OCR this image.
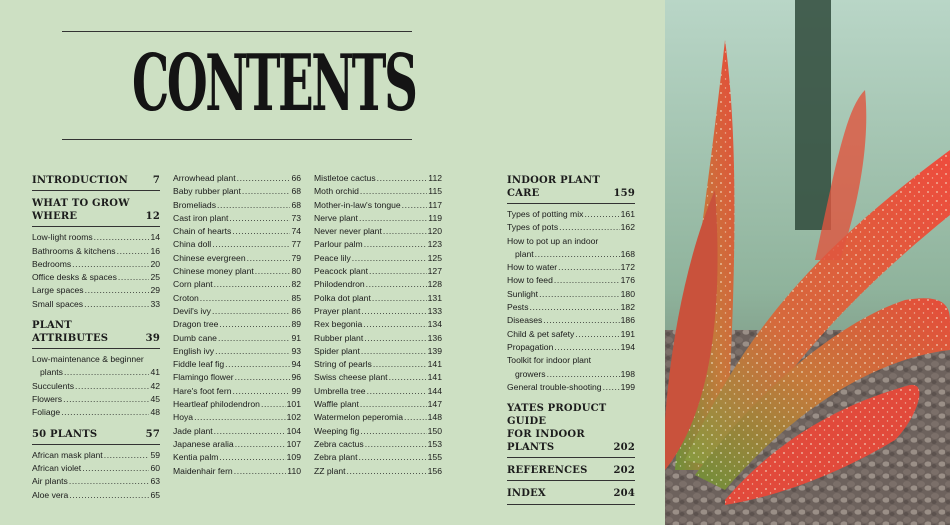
CONTENTS
INTRODUCTION 7
WHAT TO GROW WHERE	12
Low-light rooms .....	14
Bathrooms & kitchens .....	16
Bedrooms .....	20
Office desks & spaces .....	25
Large spaces .....	29
Small spaces .....	33
PLANT ATTRIBUTES	39
Low-maintenance & beginner
plants .....	41
Succulents .....	42
Flowers .....	45
Foliage .....	48
50 PLANTS	57
African mask plant .....	59
African violet .....	60
Air plants .....	63
Aloe vera .....	65
Arrowhead plant .....	66
Baby rubber plant .....	68
Bromeliads .....	68
Cast iron plant .....	73
Chain of hearts .....	74
China doll .....	77
Chinese evergreen .....	79
Chinese money plant .....	80
Corn plant .....	82
Croton .....	85
Devil's ivy .....	86
Dragon tree .....	89
Dumb cane .....	91
English ivy .....	93
Fiddle leaf fig .....	94
Flamingo flower .....	96
Hare's foot fern .....	99
Heartleaf philodendron .....	101
Hoya .....	102
Jade plant .....	104
Japanese aralia .....	107
Kentia palm .....	109
Maidenhair fern .....	110
Mistletoe cactus .....	112
Moth orchid .....	115
Mother-in-law's tongue .....	117
Nerve plant .....	119
Never never plant .....	120
Parlour palm .....	123
Peace lily .....	125
Peacock plant .....	127
Philodendron .....	128
Polka dot plant .....	131
Prayer plant .....	133
Rex begonia .....	134
Rubber plant .....	136
Spider plant .....	139
String of pearls .....	141
Swiss cheese plant .....	141
Umbrella tree .....	144
Waffle plant .....	147
Watermelon peperomia .....	148
Weeping fig .....	150
Zebra cactus .....	153
Zebra plant .....	155
ZZ plant .....	156
INDOOR PLANT CARE	159
Types of potting mix .....	161
Types of pots .....	162
How to pot up an indoor
plant .....	168
How to water .....	172
How to feed .....	176
Sunlight .....	180
Pests .....	182
Diseases .....	186
Child & pet safety .....	191
Propagation .....	194
Toolkit for indoor plant
growers .....	198
General trouble-shooting ..... 199
YATES PRODUCT GUIDE
FOR INDOOR PLANTS	202
REFERENCES	202
INDEX	204
